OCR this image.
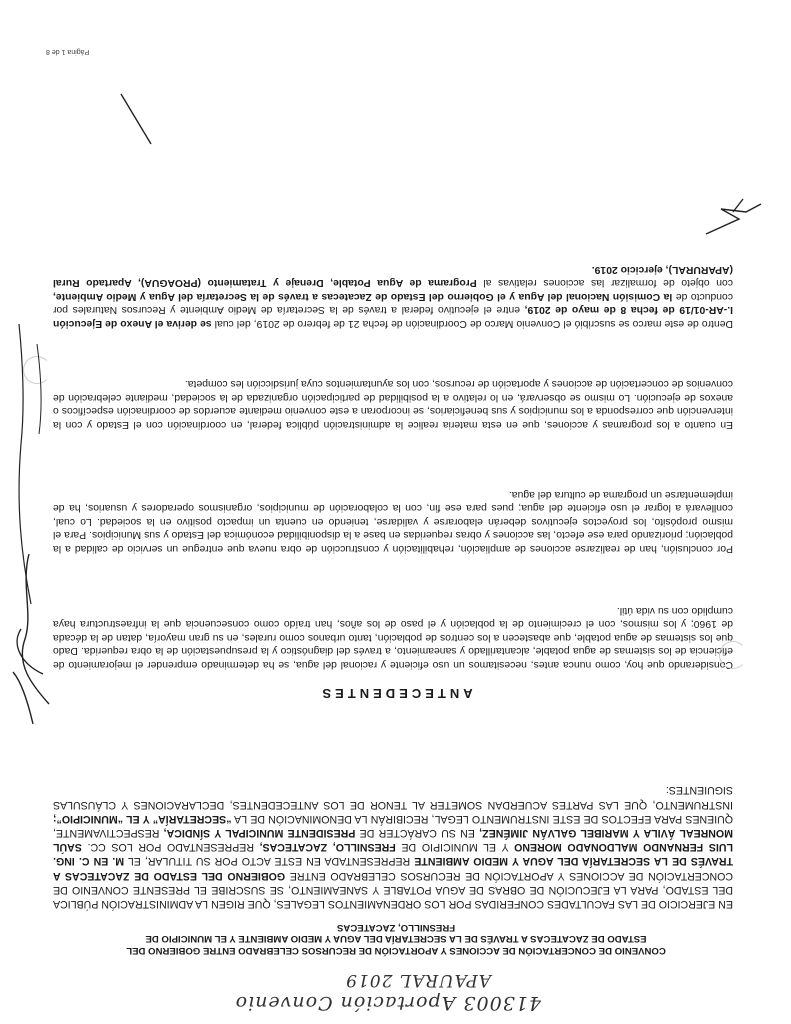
413003 Aportación Convenio
APAURAL 2019
CONVENIO DE CONCERTACIÓN DE ACCIONES Y APORTACIÓN DE RECURSOS CELEBRADO ENTRE GOBIERNO DEL
ESTADO DE ZACATECAS A TRAVÉS DE LA SECRETARÍA DEL AGUA Y MEDIO AMBIENTE Y EL MUNICIPIO DE
FRESNILLO, ZACATECAS
EN EJERCICIO DE LAS FACULTADES CONFERIDAS POR LOS ORDENAMIENTOS LEGALES, QUE RIGEN LA ADMINISTRACIÓN PÚBLICA DEL ESTADO, PARA LA EJECUCIÓN DE OBRAS DE AGUA POTABLE Y SANEAMIENTO, SE SUSCRIBE EL PRESENTE CONVENIO DE CONCERTACIÓN DE ACCIONES Y APORTACIÓN DE RECURSOS CELEBRADO ENTRE GOBIERNO DEL ESTADO DE ZACATECAS A TRAVÉS DE LA SECRETARÍA DEL AGUA Y MEDIO AMBIENTE REPRESENTADA EN ESTE ACTO POR SU TITULAR, EL M. EN C. ING. LUIS FERNANDO MALDONADO MORENO Y EL MUNICIPIO DE FRESNILLO, ZACATECAS, REPRESENTADO POR LOS CC. SAÚL MONREAL ÁVILA Y MARIBEL GALVÁN JIMÉNEZ, EN SU CARÁCTER DE PRESIDENTE MUNICIPAL Y SÍNDICA, RESPECTIVAMENTE, QUIENES PARA EFECTOS DE ESTE INSTRUMENTO LEGAL, RECIBIRÁN LA DENOMINACIÓN DE LA “SECRETARÍA” Y EL “MUNICIPIO”; INSTRUMENTO, QUE LAS PARTES ACUERDAN SOMETER AL TENOR DE LOS ANTECEDENTES, DECLARACIONES Y CLÁUSULAS SIGUIENTES:
ANTECEDENTES
Considerando que hoy, como nunca antes, necesitamos un uso eficiente y racional del agua, se ha determinado emprender el mejoramiento de eficiencia de los sistemas de agua potable, alcantarillado y saneamiento, a través del diagnóstico y la presupuestación de la obra requerida. Dado que los sistemas de agua potable, que abastecen a los centros de población, tanto urbanos como rurales, en su gran mayoría, datan de la década de 1960; y los mismos, con el crecimiento de la población y el paso de los años, han traído como consecuencia que la infraestructura haya cumplido con su vida útil.
Por conclusión, han de realizarse acciones de ampliación, rehabilitación y construcción de obra nueva que entregue un servicio de calidad a la población; priorizando para ese efecto, las acciones y obras requeridas en base a la disponibilidad económica del Estado y sus Municipios. Para el mismo propósito, los proyectos ejecutivos deberán elaborarse y validarse, teniendo en cuenta un impacto positivo en la sociedad. Lo cual, conllevará a lograr el uso eficiente del agua; pues para ese fin, con la colaboración de municipios, organismos operadores y usuarios, ha de implementarse un programa de cultura del agua.
En cuanto a los programas y acciones, que en esta materia realice la administración pública federal, en coordinación con el Estado y con la intervención que corresponda a los municipios y sus beneficiarios, se incorporan a este convenio mediante acuerdos de coordinación específicos o anexos de ejecución. Lo mismo se observará, en lo relativo a la posibilidad de participación organizada de la sociedad, mediante celebración de convenios de concertación de acciones y aportación de recursos, con los ayuntamientos cuya jurisdicción les competa.
Dentro de este marco se suscribió el Convenio Marco de Coordinación de fecha 21 de febrero de 2019, del cual se deriva el Anexo de Ejecución I.-AR-01/19 de fecha 8 de mayo de 2019, entre el ejecutivo federal a través de la Secretaría de Medio Ambiente y Recursos Naturales por conducto de la Comisión Nacional del Agua y el Gobierno del Estado de Zacatecas a través de la Secretaría del Agua y Medio Ambiente, con objeto de formalizar las acciones relativas al Programa de Agua Potable, Drenaje y Tratamiento (PROAGUA), Apartado Rural (APARURAL), ejercicio 2019.
Página 1 de 8
